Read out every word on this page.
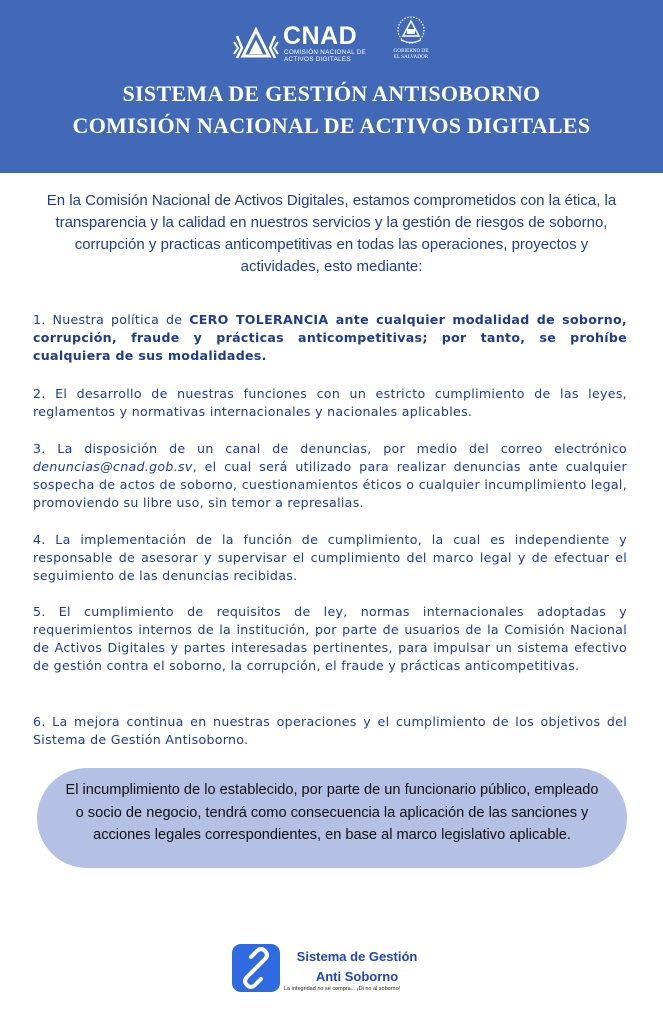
CNAD
COMISIÓN NACIONAL DE
ACTIVOS DIGITALES
GOBIERNO DE
EL SALVADOR
SISTEMA DE GESTIÓN ANTISOBORNO
COMISIÓN NACIONAL DE ACTIVOS DIGITALES
En la Comisión Nacional de Activos Digitales, estamos comprometidos con la ética, la transparencia y la calidad en nuestros servicios y la gestión de riesgos de soborno, corrupción y practicas anticompetitivas en todas las operaciones, proyectos y actividades, esto mediante:
1. Nuestra política de CERO TOLERANCIA ante cualquier modalidad de soborno, corrupción, fraude y prácticas anticompetitivas; por tanto, se prohíbe cualquiera de sus modalidades.
2. El desarrollo de nuestras funciones con un estricto cumplimiento de las leyes, reglamentos y normativas internacionales y nacionales aplicables.
3. La disposición de un canal de denuncias, por medio del correo electrónico denuncias@cnad.gob.sv, el cual será utilizado para realizar denuncias ante cualquier sospecha de actos de soborno, cuestionamientos éticos o cualquier incumplimiento legal, promoviendo su libre uso, sin temor a represalias.
4. La implementación de la función de cumplimiento, la cual es independiente y responsable de asesorar y supervisar el cumplimiento del marco legal y de efectuar el seguimiento de las denuncias recibidas.
5. El cumplimiento de requisitos de ley, normas internacionales adoptadas y requerimientos internos de la institución, por parte de usuarios de la Comisión Nacional de Activos Digitales y partes interesadas pertinentes, para impulsar un sistema efectivo de gestión contra el soborno, la corrupción, el fraude y prácticas anticompetitivas.
6. La mejora continua en nuestras operaciones y el cumplimiento de los objetivos del Sistema de Gestión Antisoborno.
El incumplimiento de lo establecido, por parte de un funcionario público, empleado o socio de negocio, tendrá como consecuencia la aplicación de las sanciones y acciones legales correspondientes, en base al marco legislativo aplicable.
Sistema de Gestión
Anti Soborno
La integridad no se compra... ¡Di no al soborno!
